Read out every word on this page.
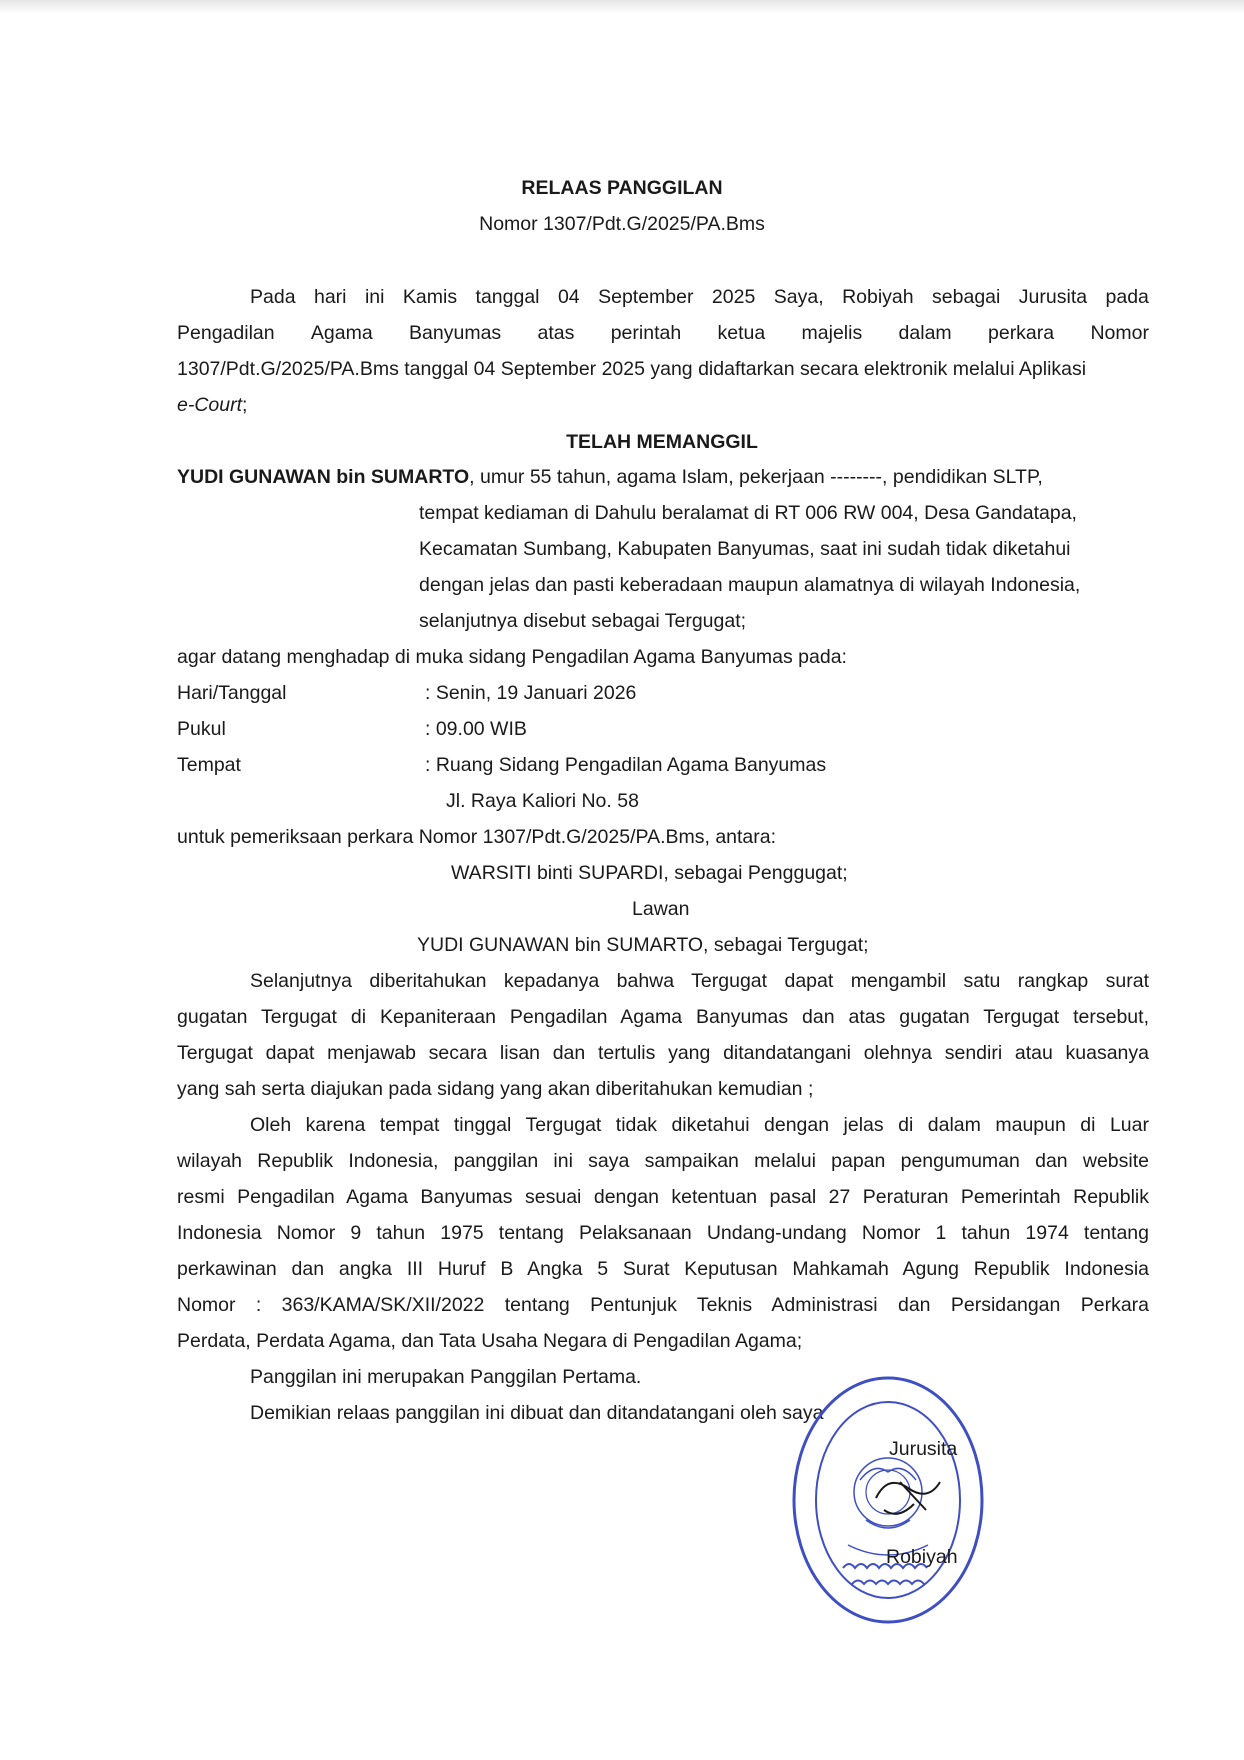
RELAAS PANGGILAN
Nomor 1307/Pdt.G/2025/PA.Bms
Pada hari ini Kamis tanggal 04 September 2025 Saya, Robiyah sebagai Jurusita pada
Pengadilan Agama Banyumas atas perintah ketua majelis dalam perkara Nomor
1307/Pdt.G/2025/PA.Bms tanggal 04 September 2025 yang didaftarkan secara elektronik melalui Aplikasi
e-Court;
TELAH MEMANGGIL
YUDI GUNAWAN bin SUMARTO, umur 55 tahun, agama Islam, pekerjaan --------, pendidikan SLTP,
tempat kediaman di Dahulu beralamat di RT 006 RW 004, Desa Gandatapa,
Kecamatan Sumbang, Kabupaten Banyumas, saat ini sudah tidak diketahui
dengan jelas dan pasti keberadaan maupun alamatnya di wilayah Indonesia,
selanjutnya disebut sebagai Tergugat;
agar datang menghadap di muka sidang Pengadilan Agama Banyumas pada:
Hari/Tanggal	: Senin, 19 Januari 2026
Pukul	: 09.00 WIB
Tempat	: Ruang Sidang Pengadilan Agama Banyumas
Jl. Raya Kaliori No. 58
untuk pemeriksaan perkara Nomor 1307/Pdt.G/2025/PA.Bms, antara:
WARSITI binti SUPARDI, sebagai Penggugat;
Lawan
YUDI GUNAWAN bin SUMARTO, sebagai Tergugat;
Selanjutnya diberitahukan kepadanya bahwa Tergugat dapat mengambil satu rangkap surat
gugatan Tergugat di Kepaniteraan Pengadilan Agama Banyumas dan atas gugatan Tergugat tersebut,
Tergugat dapat menjawab secara lisan dan tertulis yang ditandatangani olehnya sendiri atau kuasanya
yang sah serta diajukan pada sidang yang akan diberitahukan kemudian ;
Oleh karena tempat tinggal Tergugat tidak diketahui dengan jelas di dalam maupun di Luar
wilayah Republik Indonesia, panggilan ini saya sampaikan melalui papan pengumuman dan website
resmi Pengadilan Agama Banyumas sesuai dengan ketentuan pasal 27 Peraturan Pemerintah Republik
Indonesia Nomor 9 tahun 1975 tentang Pelaksanaan Undang-undang Nomor 1 tahun 1974 tentang
perkawinan dan angka III Huruf B Angka 5 Surat Keputusan Mahkamah Agung Republik Indonesia
Nomor : 363/KAMA/SK/XII/2022 tentang Pentunjuk Teknis Administrasi dan Persidangan Perkara
Perdata, Perdata Agama, dan Tata Usaha Negara di Pengadilan Agama;
Panggilan ini merupakan Panggilan Pertama.
Demikian relaas panggilan ini dibuat dan ditandatangani oleh saya
Jurusita
Robiyah
